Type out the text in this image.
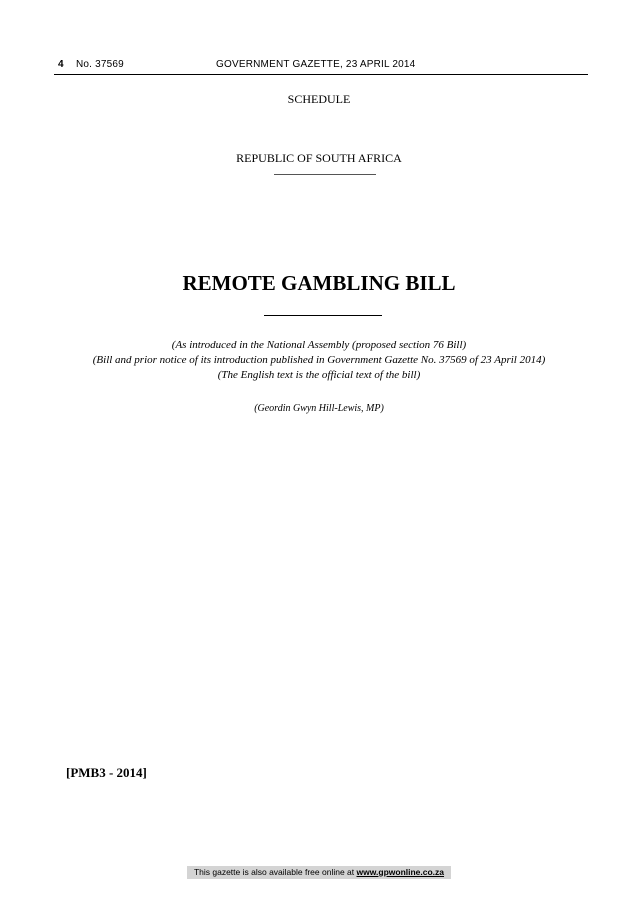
4 No. 37569	GOVERNMENT GAZETTE, 23 APRIL 2014
SCHEDULE
REPUBLIC OF SOUTH AFRICA
REMOTE GAMBLING BILL
(As introduced in the National Assembly (proposed section 76 Bill)
(Bill and prior notice of its introduction published in Government Gazette No. 37569 of 23 April 2014)
(The English text is the official text of the bill)
(Geordin Gwyn Hill-Lewis, MP)
[PMB3 - 2014]
This gazette is also available free online at www.gpwonline.co.za
